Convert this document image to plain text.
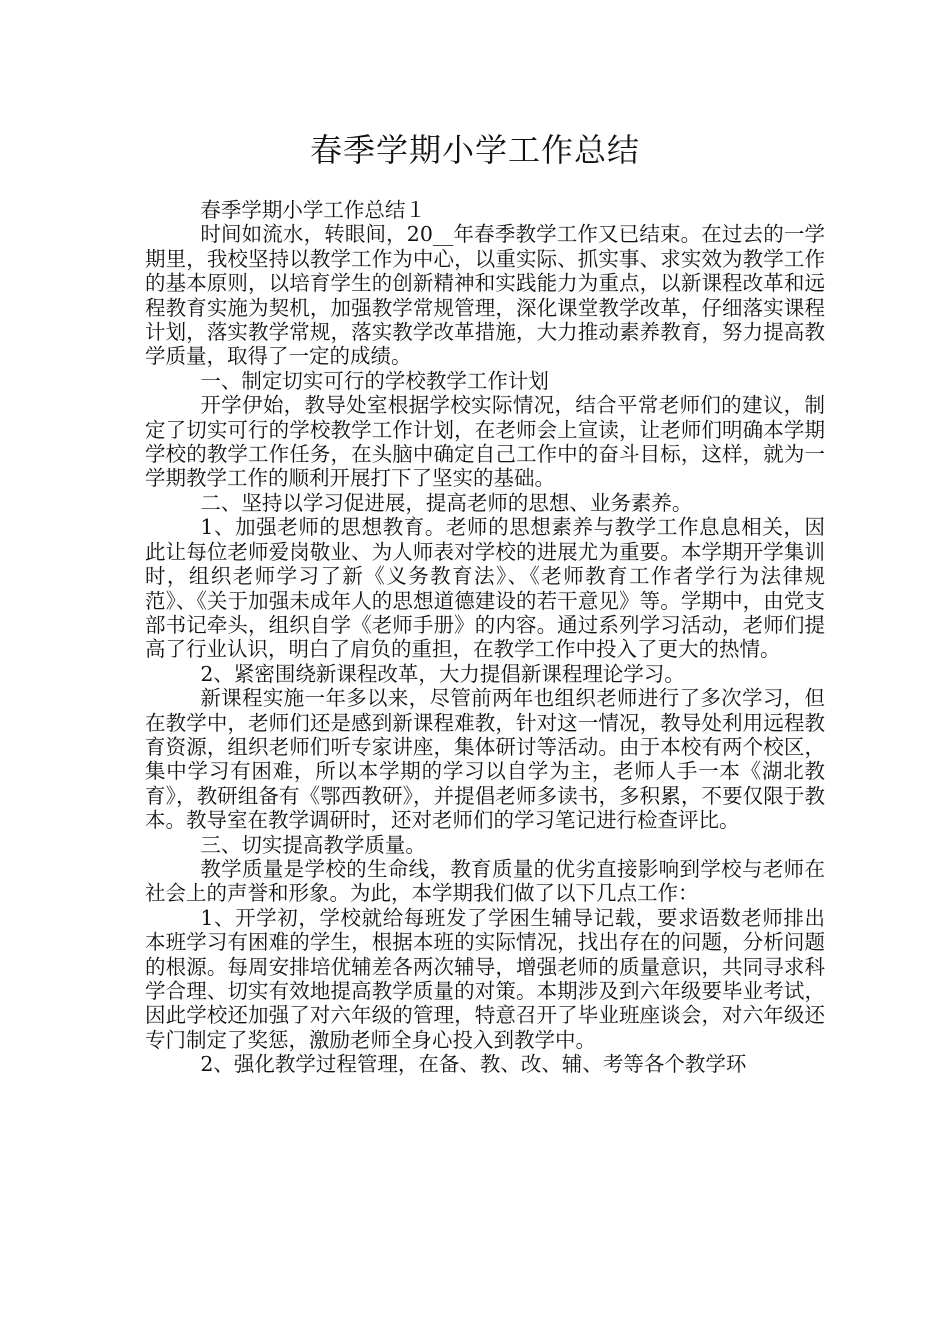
春季学期小学工作总结

春季学期小学工作总结１

时间如流水，转眼间，20__年春季教学工作又已结束。在过去的一学期里，我校坚持以教学工作为中心，以重实际、抓实事、求实效为教学工作的基本原则，以培育学生的创新精神和实践能力为重点，以新课程改革和远程教育实施为契机，加强教学常规管理，深化课堂教学改革，仔细落实课程计划，落实教学常规，落实教学改革措施，大力推动素养教育，努力提高教学质量，取得了一定的成绩。

一、制定切实可行的学校教学工作计划

开学伊始，教导处室根据学校实际情况，结合平常老师们的建议，制定了切实可行的学校教学工作计划，在老师会上宣读，让老师们明确本学期学校的教学工作任务，在头脑中确定自己工作中的奋斗目标，这样，就为一学期教学工作的顺利开展打下了坚实的基础。

二、坚持以学习促进展，提高老师的思想、业务素养。

1、加强老师的思想教育。老师的思想素养与教学工作息息相关，因此让每位老师爱岗敬业、为人师表对学校的进展尤为重要。本学期开学集训时，组织老师学习了新《义务教育法》、《老师教育工作者学行为法律规范》、《关于加强未成年人的思想道德建设的若干意见》等。学期中，由党支部书记牵头，组织自学《老师手册》的内容。通过系列学习活动，老师们提高了行业认识，明白了肩负的重担，在教学工作中投入了更大的热情。

2、紧密围绕新课程改革，大力提倡新课程理论学习。

新课程实施一年多以来，尽管前两年也组织老师进行了多次学习，但在教学中，老师们还是感到新课程难教，针对这一情况，教导处利用远程教育资源，组织老师们听专家讲座，集体研讨等活动。由于本校有两个校区，集中学习有困难，所以本学期的学习以自学为主，老师人手一本《湖北教育》，教研组备有《鄂西教研》，并提倡老师多读书，多积累，不要仅限于教本。教导室在教学调研时，还对老师们的学习笔记进行检查评比。

三、切实提高教学质量。

教学质量是学校的生命线，教育质量的优劣直接影响到学校与老师在社会上的声誉和形象。为此，本学期我们做了以下几点工作：

1、开学初，学校就给每班发了学困生辅导记载，要求语数老师排出本班学习有困难的学生，根据本班的实际情况，找出存在的问题，分析问题的根源。每周安排培优辅差各两次辅导，增强老师的质量意识，共同寻求科学合理、切实有效地提高教学质量的对策。本期涉及到六年级要毕业考试，因此学校还加强了对六年级的管理，特意召开了毕业班座谈会，对六年级还专门制定了奖惩，激励老师全身心投入到教学中。

2、强化教学过程管理，在备、教、改、辅、考等各个教学环
